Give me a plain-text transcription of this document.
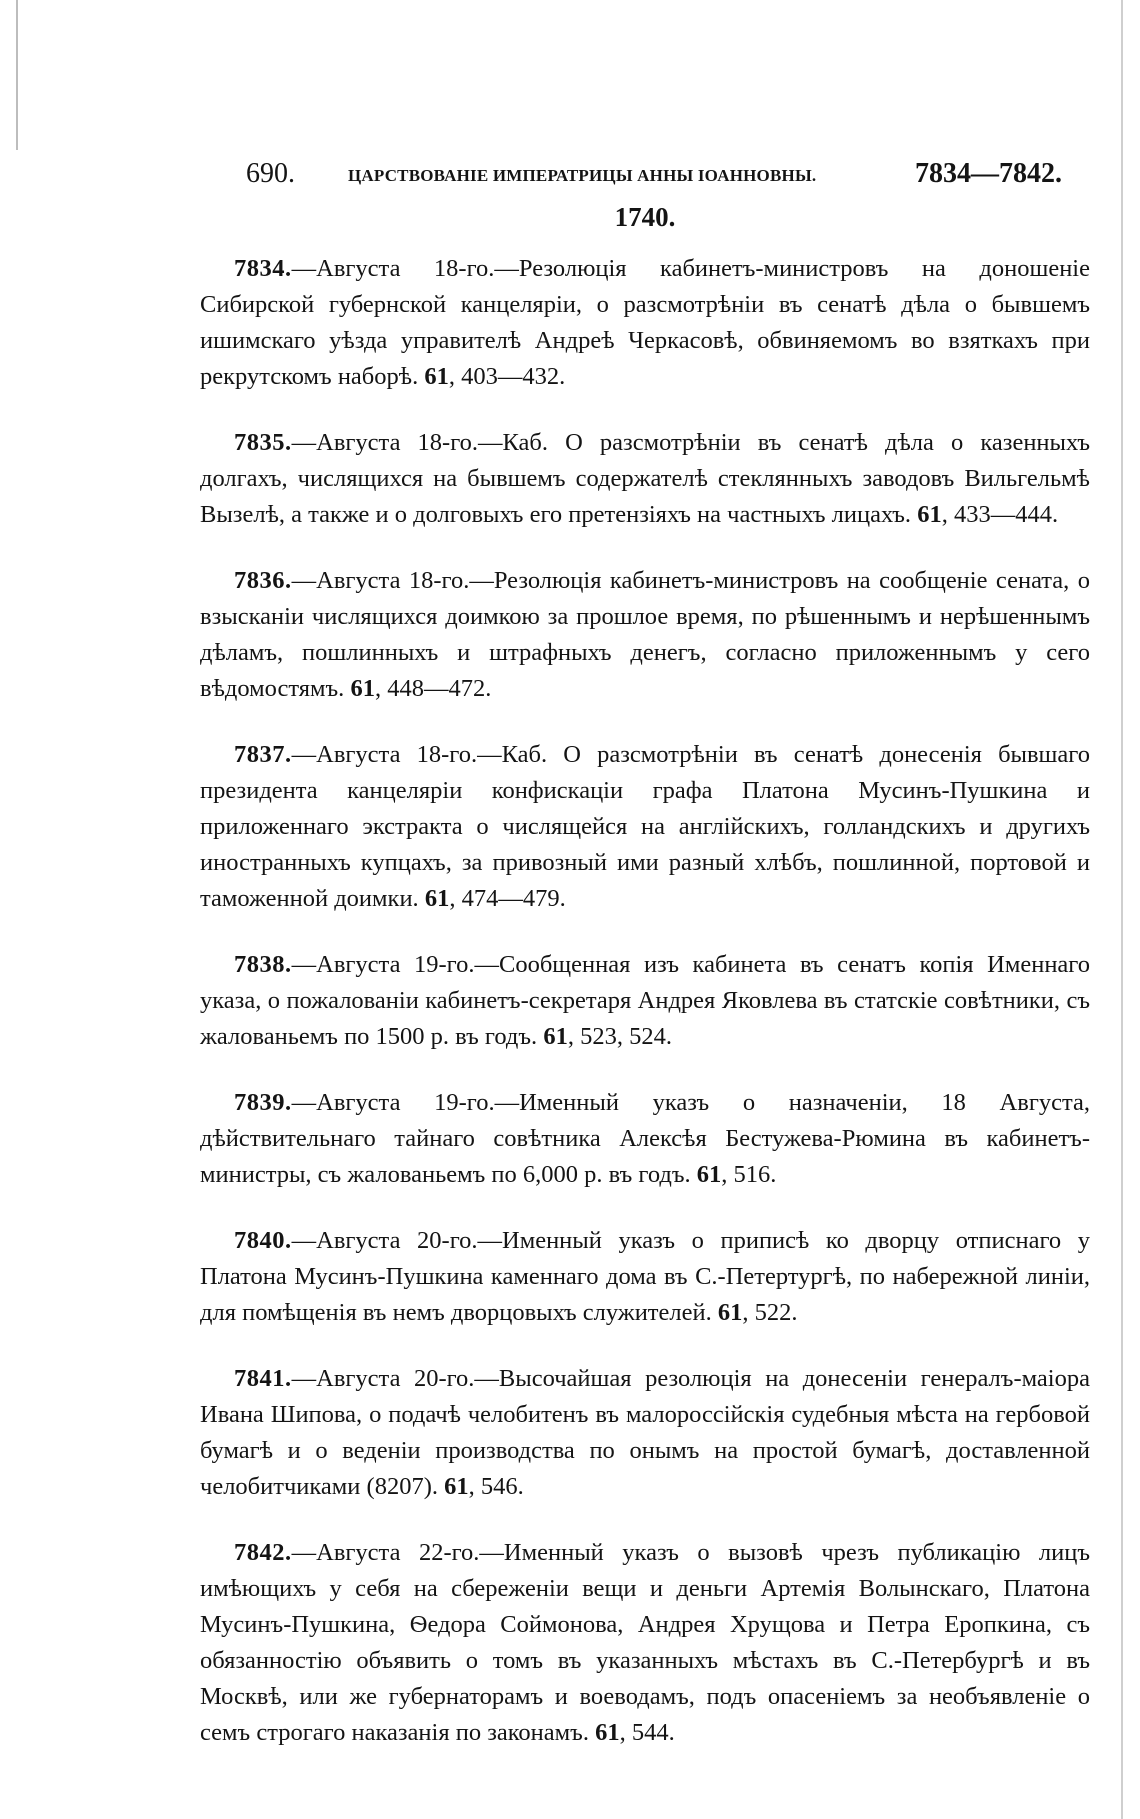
690.	ЦАРСТВОВАНІЕ ИМПЕРАТРИЦЫ АННЫ ІОАННОВНЫ.	7834—7842.
1740.

7834.—Августа 18-го.—Резолюція кабинетъ-министровъ на доношеніе Сибирской губернской канцеляріи, о разсмотрѣніи въ сенатѣ дѣла о бывшемъ ишимскаго уѣзда управителѣ Андреѣ Черкасовѣ, обвиняемомъ во взяткахъ при рекрутскомъ наборѣ. 61, 403—432.

7835.—Августа 18-го.—Каб. О разсмотрѣніи въ сенатѣ дѣла о казенныхъ долгахъ, числящихся на бывшемъ содержателѣ стеклянныхъ заводовъ Вильгельмѣ Вызелѣ, а также и о долговыхъ его претензіяхъ на частныхъ лицахъ. 61, 433—444.

7836.—Августа 18-го.—Резолюція кабинетъ-министровъ на сообщеніе сената, о взысканіи числящихся доимкою за прошлое время, по рѣшеннымъ и нерѣшеннымъ дѣламъ, пошлинныхъ и штрафныхъ денегъ, согласно приложеннымъ у сего вѣдомостямъ. 61, 448—472.

7837.—Августа 18-го.—Каб. О разсмотрѣніи въ сенатѣ донесенія бывшаго президента канцеляріи конфискаціи графа Платона Мусинъ-Пушкина и приложеннаго экстракта о числящейся на англійскихъ, голландскихъ и другихъ иностранныхъ купцахъ, за привозный ими разный хлѣбъ, пошлинной, портовой и таможенной доимки. 61, 474—479.

7838.—Августа 19-го.—Сообщенная изъ кабинета въ сенатъ копія Именнаго указа, о пожалованіи кабинетъ-секретаря Андрея Яковлева въ статскіе совѣтники, съ жалованьемъ по 1500 р. въ годъ. 61, 523, 524.

7839.—Августа 19-го.—Именный указъ о назначеніи, 18 Августа, дѣйствительнаго тайнаго совѣтника Алексѣя Бестужева-Рюмина въ кабинетъ-министры, съ жалованьемъ по 6,000 р. въ годъ. 61, 516.

7840.—Августа 20-го.—Именный указъ о приписѣ ко дворцу отписнаго у Платона Мусинъ-Пушкина каменнаго дома въ С.-Петертургѣ, по набережной линіи, для помѣщенія въ немъ дворцовыхъ служителей. 61, 522.

7841.—Августа 20-го.—Высочайшая резолюція на донесеніи генералъ-маіора Ивана Шипова, о подачѣ челобитенъ въ малороссійскія судебныя мѣста на гербовой бумагѣ и о веденіи производства по онымъ на простой бумагѣ, доставленной челобитчиками (8207). 61, 546.

7842.—Августа 22-го.—Именный указъ о вызовѣ чрезъ публикацію лицъ имѣющихъ у себя на сбереженіи вещи и деньги Артемія Волынскаго, Платона Мусинъ-Пушкина, Ѳедора Соймонова, Андрея Хрущова и Петра Еропкина, съ обязанностію объявить о томъ въ указанныхъ мѣстахъ въ С.-Петербургѣ и въ Москвѣ, или же губернаторамъ и воеводамъ, подъ опасеніемъ за необъявленіе о семъ строгаго наказанія по законамъ. 61, 544.
